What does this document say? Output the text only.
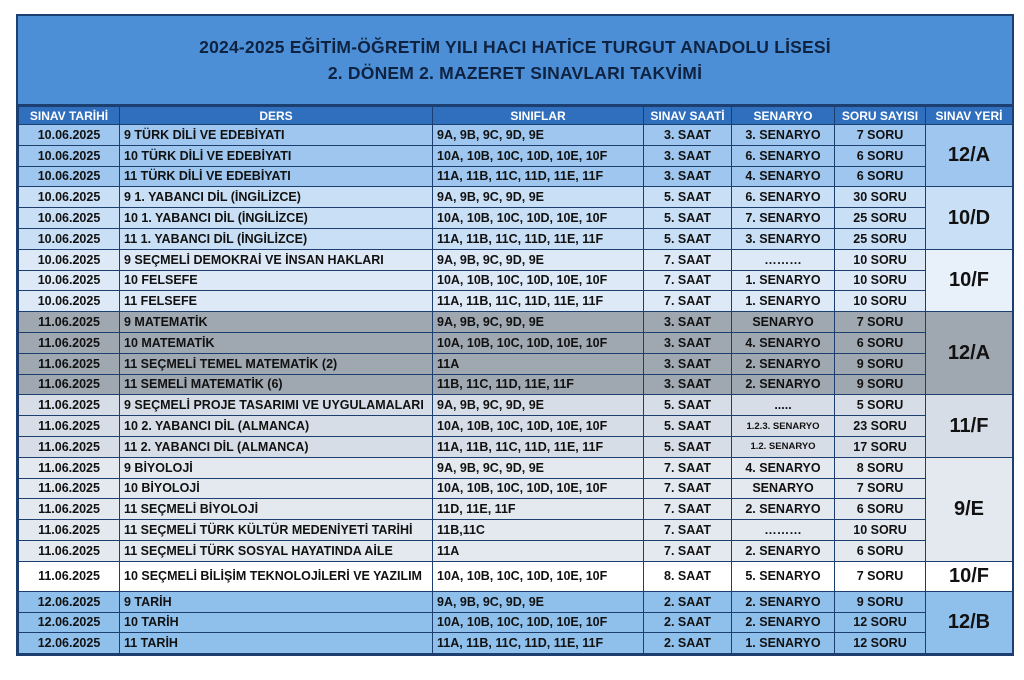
2024-2025 EĞİTİM-ÖĞRETİM YILI HACI HATİCE TURGUT ANADOLU LİSESİ
2. DÖNEM 2. MAZERET SINAVLARI TAKVİMİ
SINAV TARİHİ	DERS	SINIFLAR	SINAV SAATİ	SENARYO	SORU SAYISI	SINAV YERİ
10.06.2025	9 TÜRK DİLİ VE EDEBİYATI	9A, 9B, 9C, 9D, 9E	3. SAAT	3. SENARYO	7 SORU	12/A
10.06.2025	10 TÜRK DİLİ VE EDEBİYATI	10A, 10B, 10C, 10D, 10E, 10F	3. SAAT	6. SENARYO	6 SORU	
10.06.2025	11 TÜRK DİLİ VE EDEBİYATI	11A, 11B, 11C, 11D, 11E, 11F	3. SAAT	4. SENARYO	6 SORU	
10.06.2025	9 1. YABANCI DİL (İNGİLİZCE)	9A, 9B, 9C, 9D, 9E	5. SAAT	6. SENARYO	30 SORU	10/D
10.06.2025	10 1. YABANCI DİL (İNGİLİZCE)	10A, 10B, 10C, 10D, 10E, 10F	5. SAAT	7. SENARYO	25 SORU	
10.06.2025	11 1. YABANCI DİL (İNGİLİZCE)	11A, 11B, 11C, 11D, 11E, 11F	5. SAAT	3. SENARYO	25 SORU	
10.06.2025	9 SEÇMELİ DEMOKRAİ VE İNSAN HAKLARI	9A, 9B, 9C, 9D, 9E	7. SAAT	………	10 SORU	10/F
10.06.2025	10 FELSEFE	10A, 10B, 10C, 10D, 10E, 10F	7. SAAT	1. SENARYO	10 SORU	
10.06.2025	11 FELSEFE	11A, 11B, 11C, 11D, 11E, 11F	7. SAAT	1. SENARYO	10 SORU	
11.06.2025	9 MATEMATİK	9A, 9B, 9C, 9D, 9E	3. SAAT	SENARYO	7 SORU	12/A
11.06.2025	10 MATEMATİK	10A, 10B, 10C, 10D, 10E, 10F	3. SAAT	4. SENARYO	6 SORU	
11.06.2025	11 SEÇMELİ TEMEL MATEMATİK (2)	11A	3. SAAT	2. SENARYO	9 SORU	
11.06.2025	11 SEMELİ MATEMATİK (6)	11B, 11C, 11D, 11E, 11F	3. SAAT	2. SENARYO	9 SORU	
11.06.2025	9 SEÇMELİ PROJE TASARIMI VE UYGULAMALARI	9A, 9B, 9C, 9D, 9E	5. SAAT	.....	5 SORU	11/F
11.06.2025	10 2. YABANCI DİL (ALMANCA)	10A, 10B, 10C, 10D, 10E, 10F	5. SAAT	1.2.3. SENARYO	23 SORU	
11.06.2025	11 2. YABANCI DİL (ALMANCA)	11A, 11B, 11C, 11D, 11E, 11F	5. SAAT	1.2. SENARYO	17 SORU	
11.06.2025	9 BİYOLOJİ	9A, 9B, 9C, 9D, 9E	7. SAAT	4. SENARYO	8 SORU	9/E
11.06.2025	10 BİYOLOJİ	10A, 10B, 10C, 10D, 10E, 10F	7. SAAT	SENARYO	7 SORU	
11.06.2025	11 SEÇMELİ BİYOLOJİ	11D, 11E, 11F	7. SAAT	2. SENARYO	6 SORU	
11.06.2025	11 SEÇMELİ TÜRK KÜLTÜR MEDENİYETİ TARİHİ	11B,11C	7. SAAT	………	10 SORU	
11.06.2025	11 SEÇMELİ TÜRK SOSYAL HAYATINDA AİLE	11A	7. SAAT	2. SENARYO	6 SORU	
11.06.2025	10 SEÇMELİ BİLİŞİM TEKNOLOJİLERİ VE YAZILIM	10A, 10B, 10C, 10D, 10E, 10F	8. SAAT	5. SENARYO	7 SORU	10/F
12.06.2025	9 TARİH	9A, 9B, 9C, 9D, 9E	2. SAAT	2. SENARYO	9 SORU	12/B
12.06.2025	10 TARİH	10A, 10B, 10C, 10D, 10E, 10F	2. SAAT	2. SENARYO	12 SORU	
12.06.2025	11 TARİH	11A, 11B, 11C, 11D, 11E, 11F	2. SAAT	1. SENARYO	12 SORU	
